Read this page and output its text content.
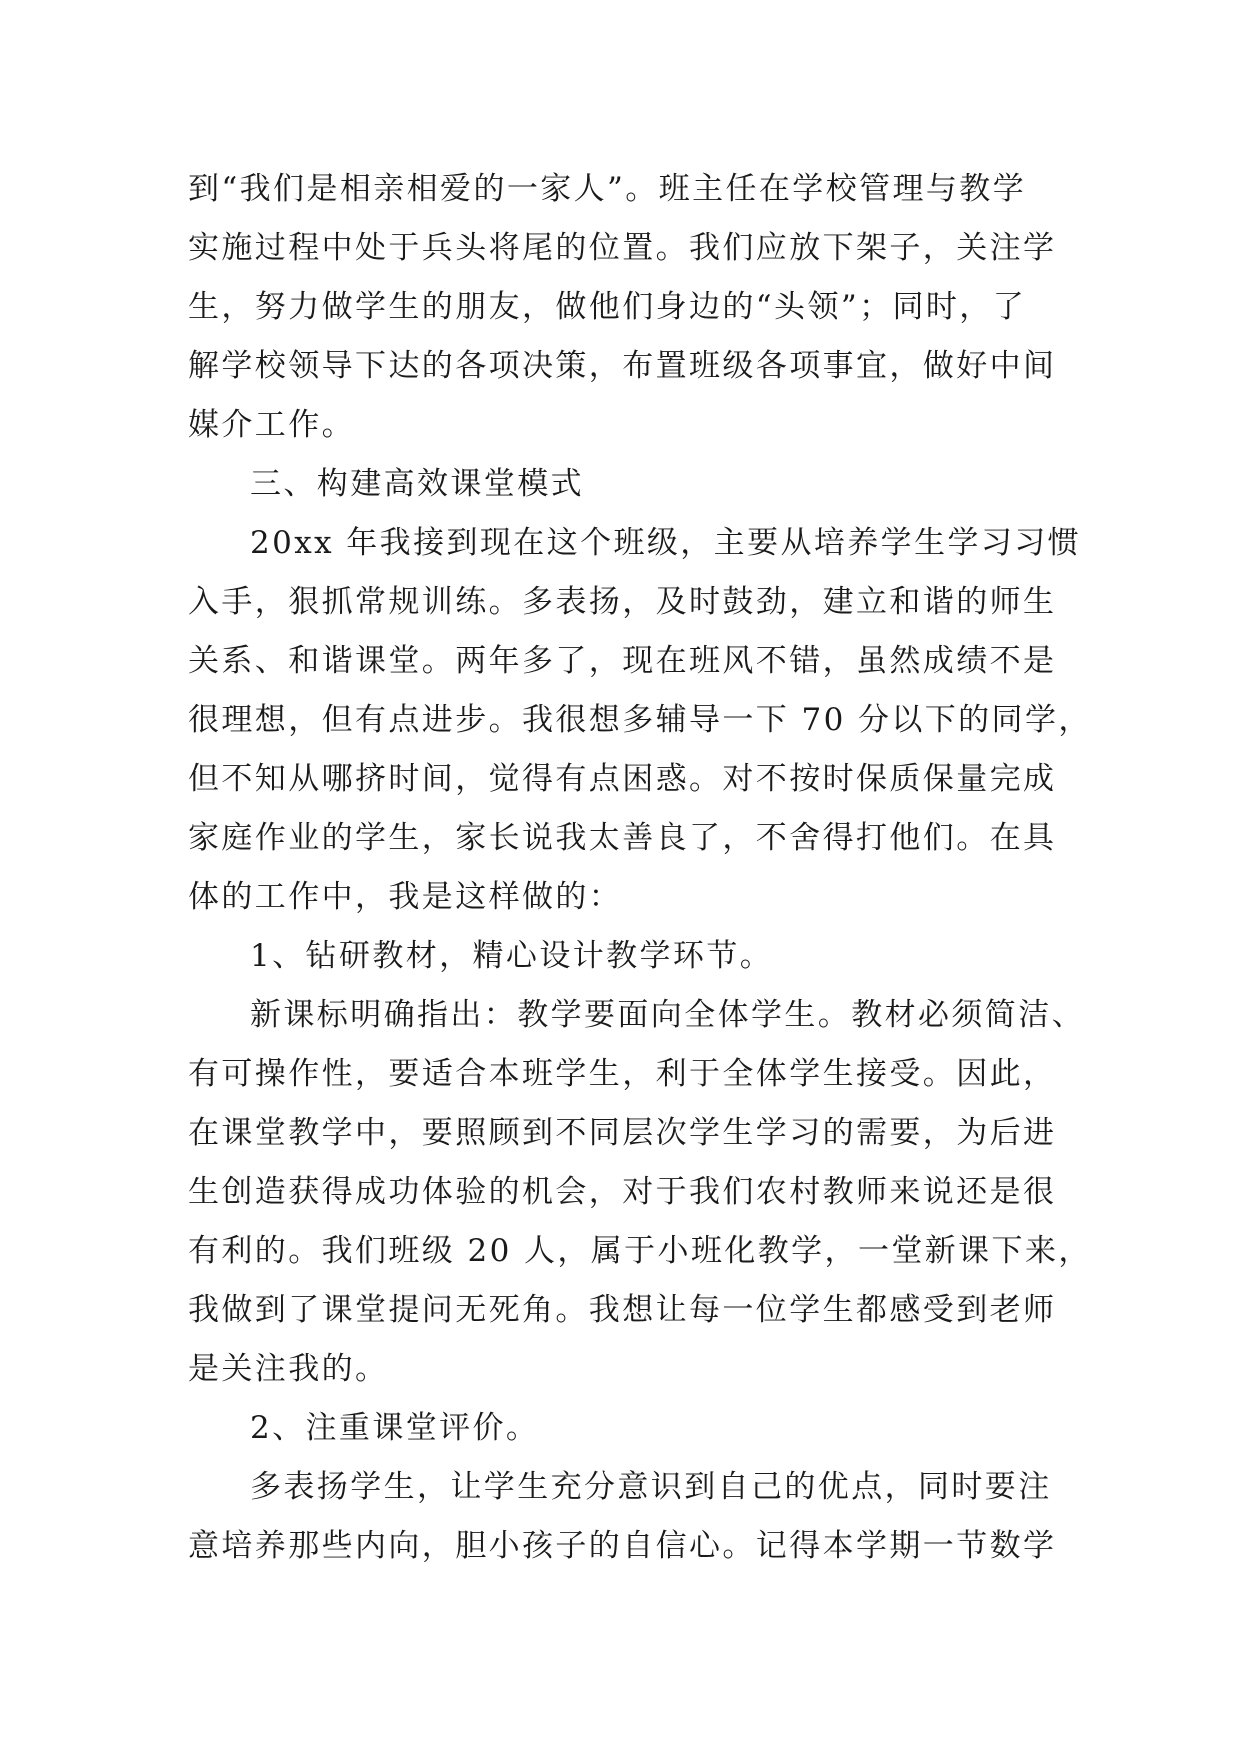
到“我们是相亲相爱的一家人”。班主任在学校管理与教学
实施过程中处于兵头将尾的位置。我们应放下架子，关注学
生，努力做学生的朋友，做他们身边的“头领”；同时，了
解学校领导下达的各项决策，布置班级各项事宜，做好中间
媒介工作。
三、构建高效课堂模式
20xx 年我接到现在这个班级，主要从培养学生学习习惯
入手，狠抓常规训练。多表扬，及时鼓劲，建立和谐的师生
关系、和谐课堂。两年多了，现在班风不错，虽然成绩不是
很理想，但有点进步。我很想多辅导一下 70 分以下的同学，
但不知从哪挤时间，觉得有点困惑。对不按时保质保量完成
家庭作业的学生，家长说我太善良了，不舍得打他们。在具
体的工作中，我是这样做的：
1、钻研教材，精心设计教学环节。
新课标明确指出：教学要面向全体学生。教材必须简洁、
有可操作性，要适合本班学生，利于全体学生接受。因此，
在课堂教学中，要照顾到不同层次学生学习的需要，为后进
生创造获得成功体验的机会，对于我们农村教师来说还是很
有利的。我们班级 20 人，属于小班化教学，一堂新课下来，
我做到了课堂提问无死角。我想让每一位学生都感受到老师
是关注我的。
2、注重课堂评价。
多表扬学生，让学生充分意识到自己的优点，同时要注
意培养那些内向，胆小孩子的自信心。记得本学期一节数学
